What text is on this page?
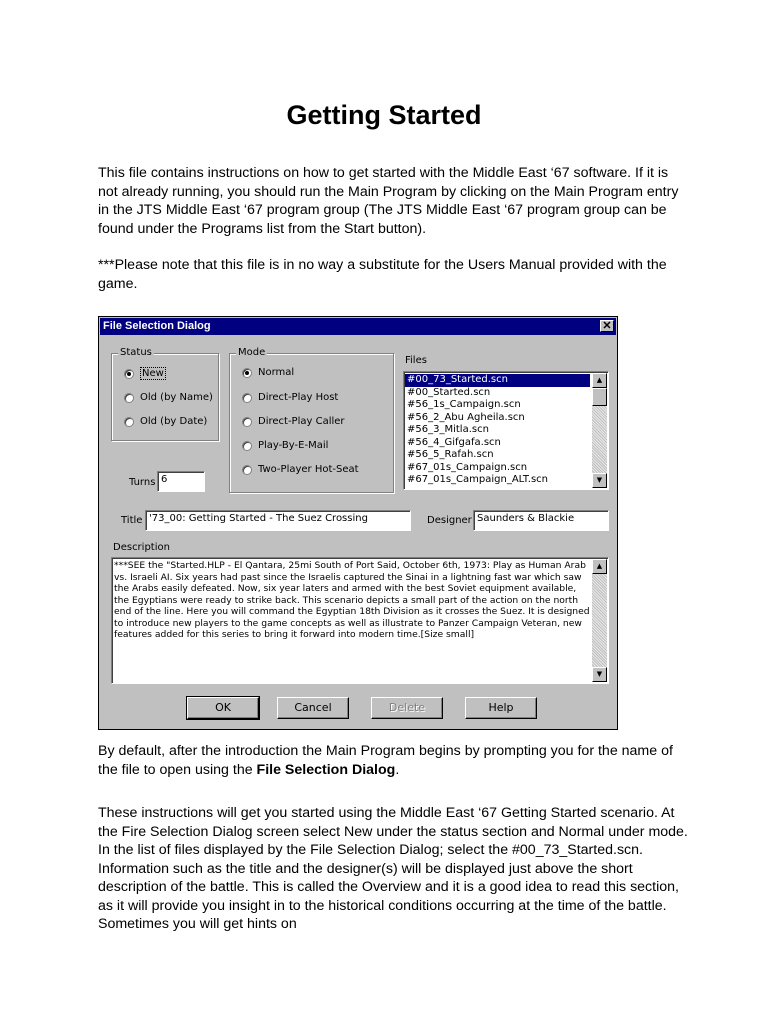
Getting Started

This file contains instructions on how to get started with the Middle East ‘67 software. If it is not already running, you should run the Main Program by clicking on the Main Program entry in the JTS Middle East ‘67 program group (The JTS Middle East ‘67 program group can be found under the Programs list from the Start button).

***Please note that this file is in no way a substitute for the Users Manual provided with the game.

File Selection Dialog	✕
Status
New
Old (by Name)
Old (by Date)
Mode
Normal
Direct-Play Host
Direct-Play Caller
Play-By-E-Mail
Two-Player Hot-Seat
Turns 6
Files
#00_73_Started.scn
#00_Started.scn
#56_1s_Campaign.scn
#56_2_Abu Agheila.scn
#56_3_Mitla.scn
#56_4_Gifgafa.scn
#56_5_Rafah.scn
#67_01s_Campaign.scn
#67_01s_Campaign_ALT.scn
▲
▼
Title '73_00: Getting Started - The Suez Crossing	Designer Saunders & Blackie
Description
***SEE the "Started.HLP - El Qantara, 25mi South of Port Said, October 6th, 1973: Play as Human Arab vs. Israeli AI. Six years had past since the Israelis captured the Sinai in a lightning fast war which saw the Arabs easily defeated. Now, six year laters and armed with the best Soviet equipment available, the Egyptians were ready to strike back. This scenario depicts a small part of the action on the north end of the line. Here you will command the Egyptian 18th Division as it crosses the Suez. It is designed to introduce new players to the game concepts as well as illustrate to Panzer Campaign Veteran, new features added for this series to bring it forward into modern time.[Size small]
▲
▼
OK	Cancel	Delete	Help

By default, after the introduction the Main Program begins by prompting you for the name of the file to open using the File Selection Dialog.

These instructions will get you started using the Middle East ‘67 Getting Started scenario. At the Fire Selection Dialog screen select New under the status section and Normal under mode. In the list of files displayed by the File Selection Dialog; select the #00_73_Started.scn. Information such as the title and the designer(s) will be displayed just above the short description of the battle. This is called the Overview and it is a good idea to read this section, as it will provide you insight in to the historical conditions occurring at the time of the battle. Sometimes you will get hints on
